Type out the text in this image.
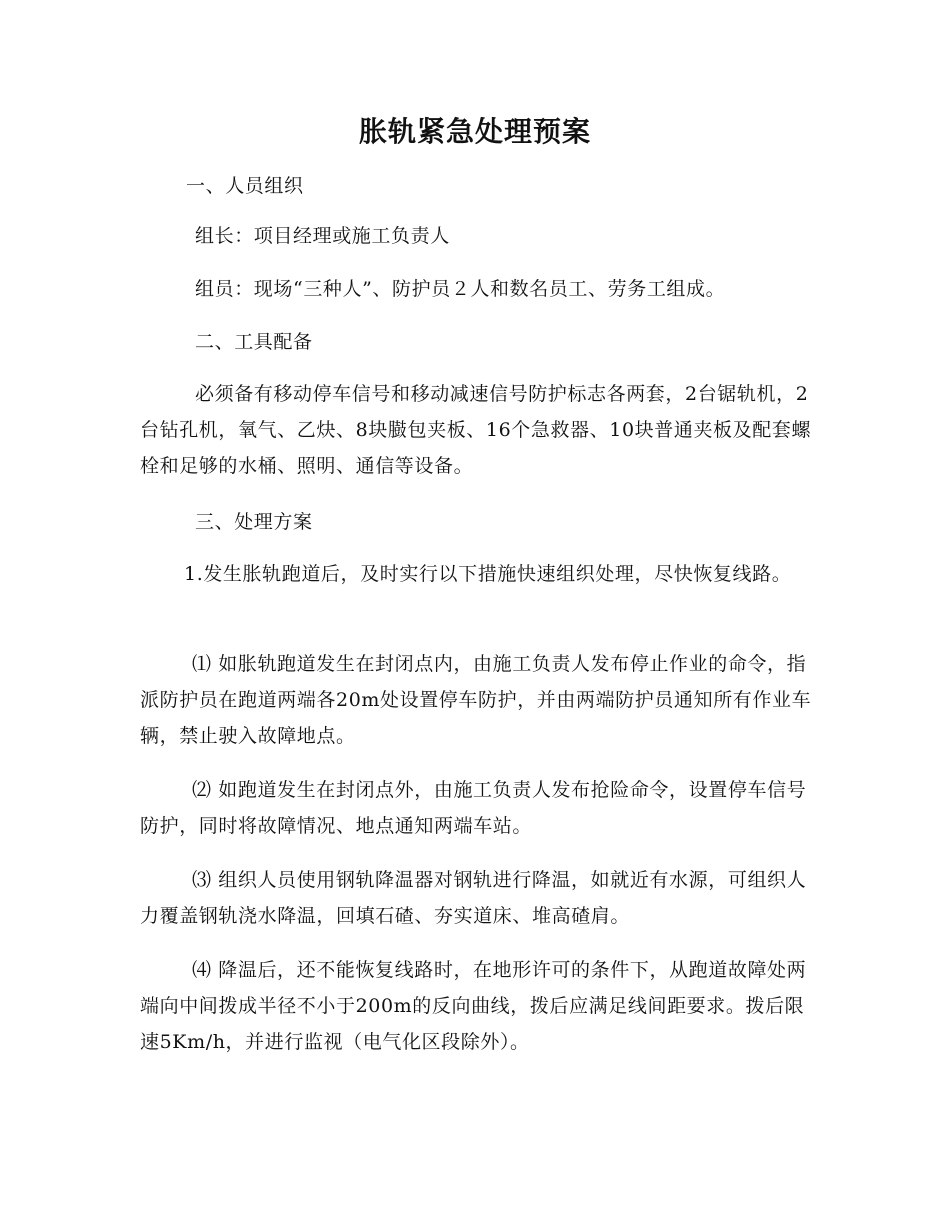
胀轨紧急处理预案
一、人员组织
组长：项目经理或施工负责人
组员：现场“三种人”、防护员２人和数名员工、劳务工组成。
二、工具配备
必须备有移动停车信号和移动减速信号防护标志各两套，2台锯轨机，2台钻孔机，氧气、乙炔、8块臌包夹板、16个急救器、10块普通夹板及配套螺栓和足够的水桶、照明、通信等设备。
三、处理方案
1.发生胀轨跑道后，及时实行以下措施快速组织处理，尽快恢复线路。
⑴ 如胀轨跑道发生在封闭点内，由施工负责人发布停止作业的命令，指派防护员在跑道两端各20m处设置停车防护，并由两端防护员通知所有作业车辆，禁止驶入故障地点。
⑵ 如跑道发生在封闭点外，由施工负责人发布抢险命令，设置停车信号防护，同时将故障情况、地点通知两端车站。
⑶ 组织人员使用钢轨降温器对钢轨进行降温，如就近有水源，可组织人力覆盖钢轨浇水降温，回填石碴、夯实道床、堆高碴肩。
⑷ 降温后，还不能恢复线路时，在地形许可的条件下，从跑道故障处两端向中间拨成半径不小于200m的反向曲线，拨后应满足线间距要求。拨后限速5Km/h，并进行监视（电气化区段除外）。
